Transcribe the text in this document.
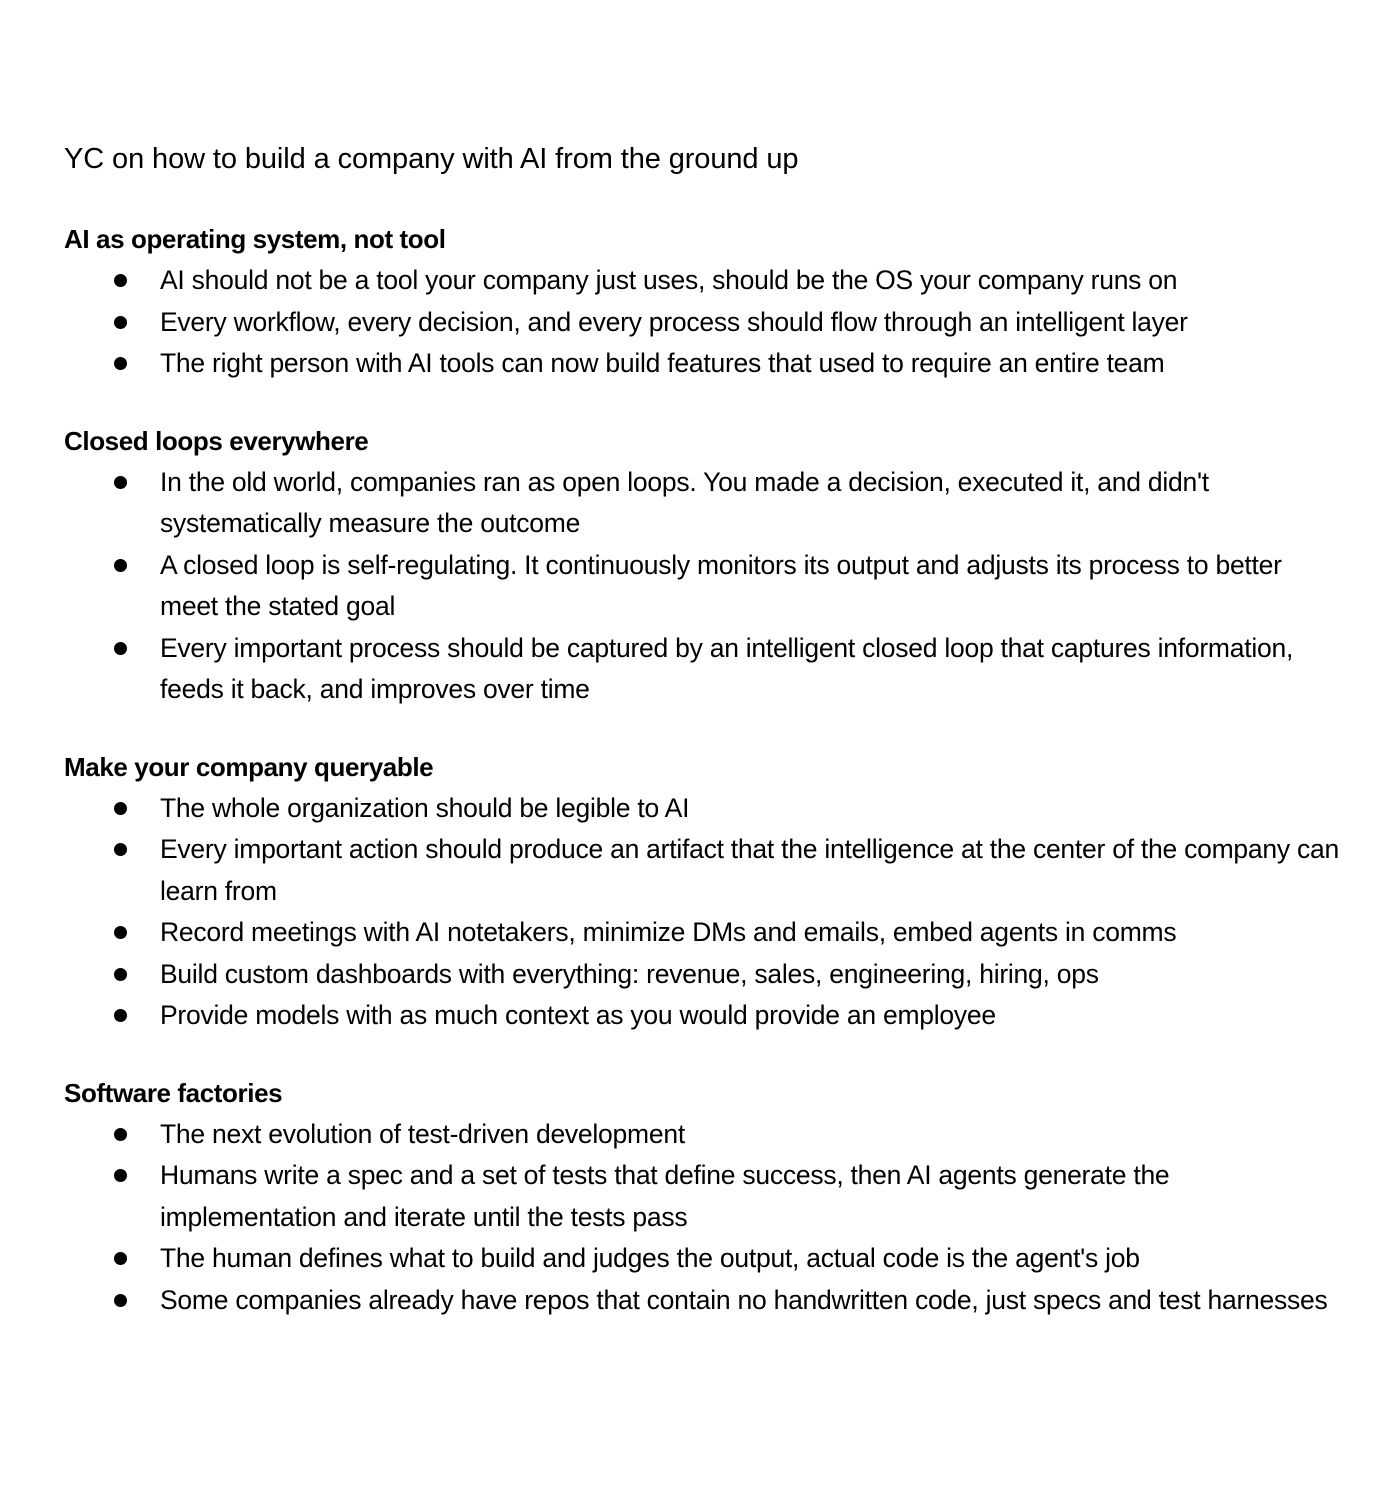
YC on how to build a company with AI from the ground up
AI as operating system, not tool
AI should not be a tool your company just uses, should be the OS your company runs on
Every workflow, every decision, and every process should flow through an intelligent layer
The right person with AI tools can now build features that used to require an entire team
Closed loops everywhere
In the old world, companies ran as open loops. You made a decision, executed it, and didn't systematically measure the outcome
A closed loop is self-regulating. It continuously monitors its output and adjusts its process to better meet the stated goal
Every important process should be captured by an intelligent closed loop that captures information, feeds it back, and improves over time
Make your company queryable
The whole organization should be legible to AI
Every important action should produce an artifact that the intelligence at the center of the company can learn from
Record meetings with AI notetakers, minimize DMs and emails, embed agents in comms
Build custom dashboards with everything: revenue, sales, engineering, hiring, ops
Provide models with as much context as you would provide an employee
Software factories
The next evolution of test-driven development
Humans write a spec and a set of tests that define success, then AI agents generate the implementation and iterate until the tests pass
The human defines what to build and judges the output, actual code is the agent's job
Some companies already have repos that contain no handwritten code, just specs and test harnesses
